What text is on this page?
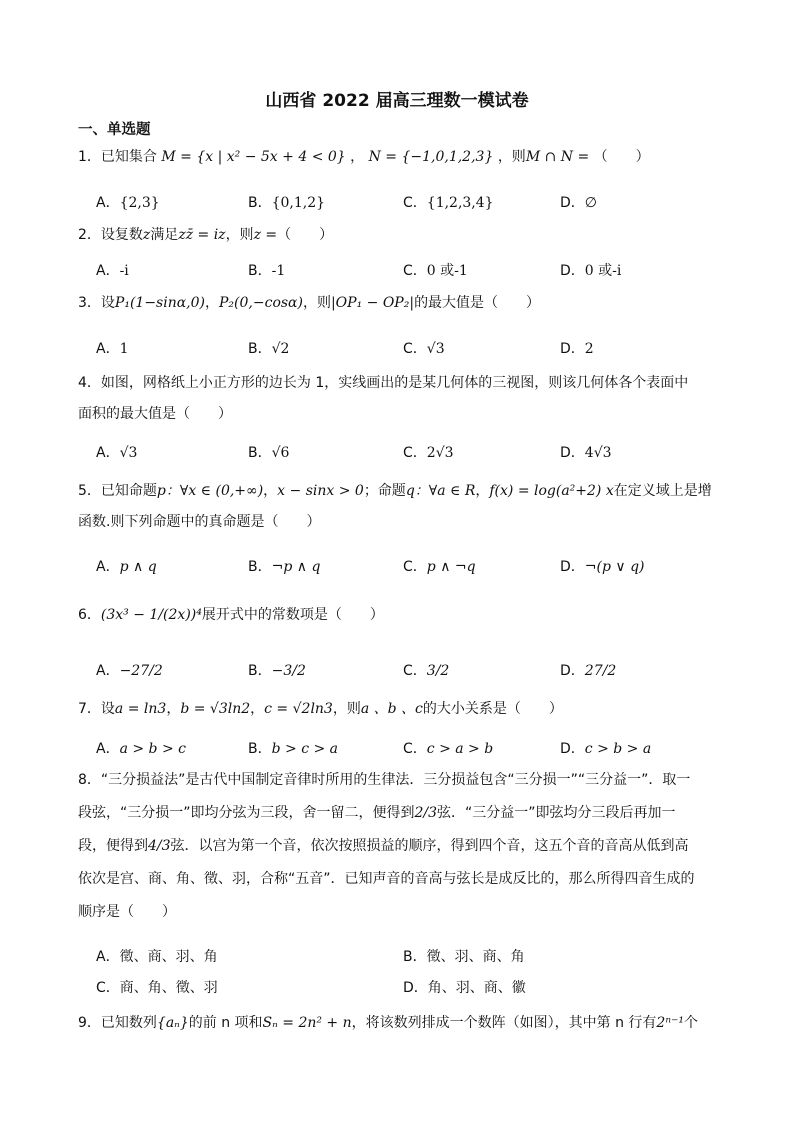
山西省 2022 届高三理数一模试卷
一、单选题
1．已知集合 M = {x | x² − 5x + 4 < 0} ， N = {−1,0,1,2,3} ，则M ∩ N = （　　）
A．{2,3}	B．{0,1,2}	C．{1,2,3,4}	D．∅
2．设复数z满足zz̄ = iz，则z =（　　）
A．-i	B．-1	C．0 或-1	D．0 或-i
3．设P₁(1−sinα,0)，P₂(0,−cosα)，则|OP₁ − OP₂|的最大值是（　　）
A．1	B．√2	C．√3	D．2
4．如图，网格纸上小正方形的边长为 1，实线画出的是某几何体的三视图，则该几何体各个表面中
面积的最大值是（　　）
A．√3	B．√6	C．2√3	D．4√3
5．已知命题p：∀x ∈ (0,+∞)，x − sinx > 0；命题q：∀a ∈ R，f(x) = log(a²+2) x在定义域上是增
函数.则下列命题中的真命题是（　　）
A．p ∧ q	B．¬p ∧ q	C．p ∧ ¬q	D．¬(p ∨ q)
6．(3x³ − 1/(2x))⁴展开式中的常数项是（　　）
A．−27/2	B．−3/2	C．3/2	D．27/2
7．设a = ln3，b = √3ln2，c = √2ln3，则a 、b 、c的大小关系是（　　）
A．a > b > c	B．b > c > a	C．c > a > b	D．c > b > a
8．“三分损益法”是古代中国制定音律时所用的生律法．三分损益包含“三分损一”“三分益一”．取一
段弦，“三分损一”即均分弦为三段，舍一留二，便得到2/3弦．“三分益一”即弦均分三段后再加一
段，便得到4/3弦．以宫为第一个音，依次按照损益的顺序，得到四个音，这五个音的音高从低到高
依次是宫、商、角、徵、羽，合称“五音”．已知声音的音高与弦长是成反比的，那么所得四音生成的
顺序是（　　）
A．徵、商、羽、角	B．徵、羽、商、角
C．商、角、徵、羽	D．角、羽、商、徽
9．已知数列{aₙ}的前 n 项和Sₙ = 2n² + n，将该数列排成一个数阵（如图），其中第 n 行有2ⁿ⁻¹个
